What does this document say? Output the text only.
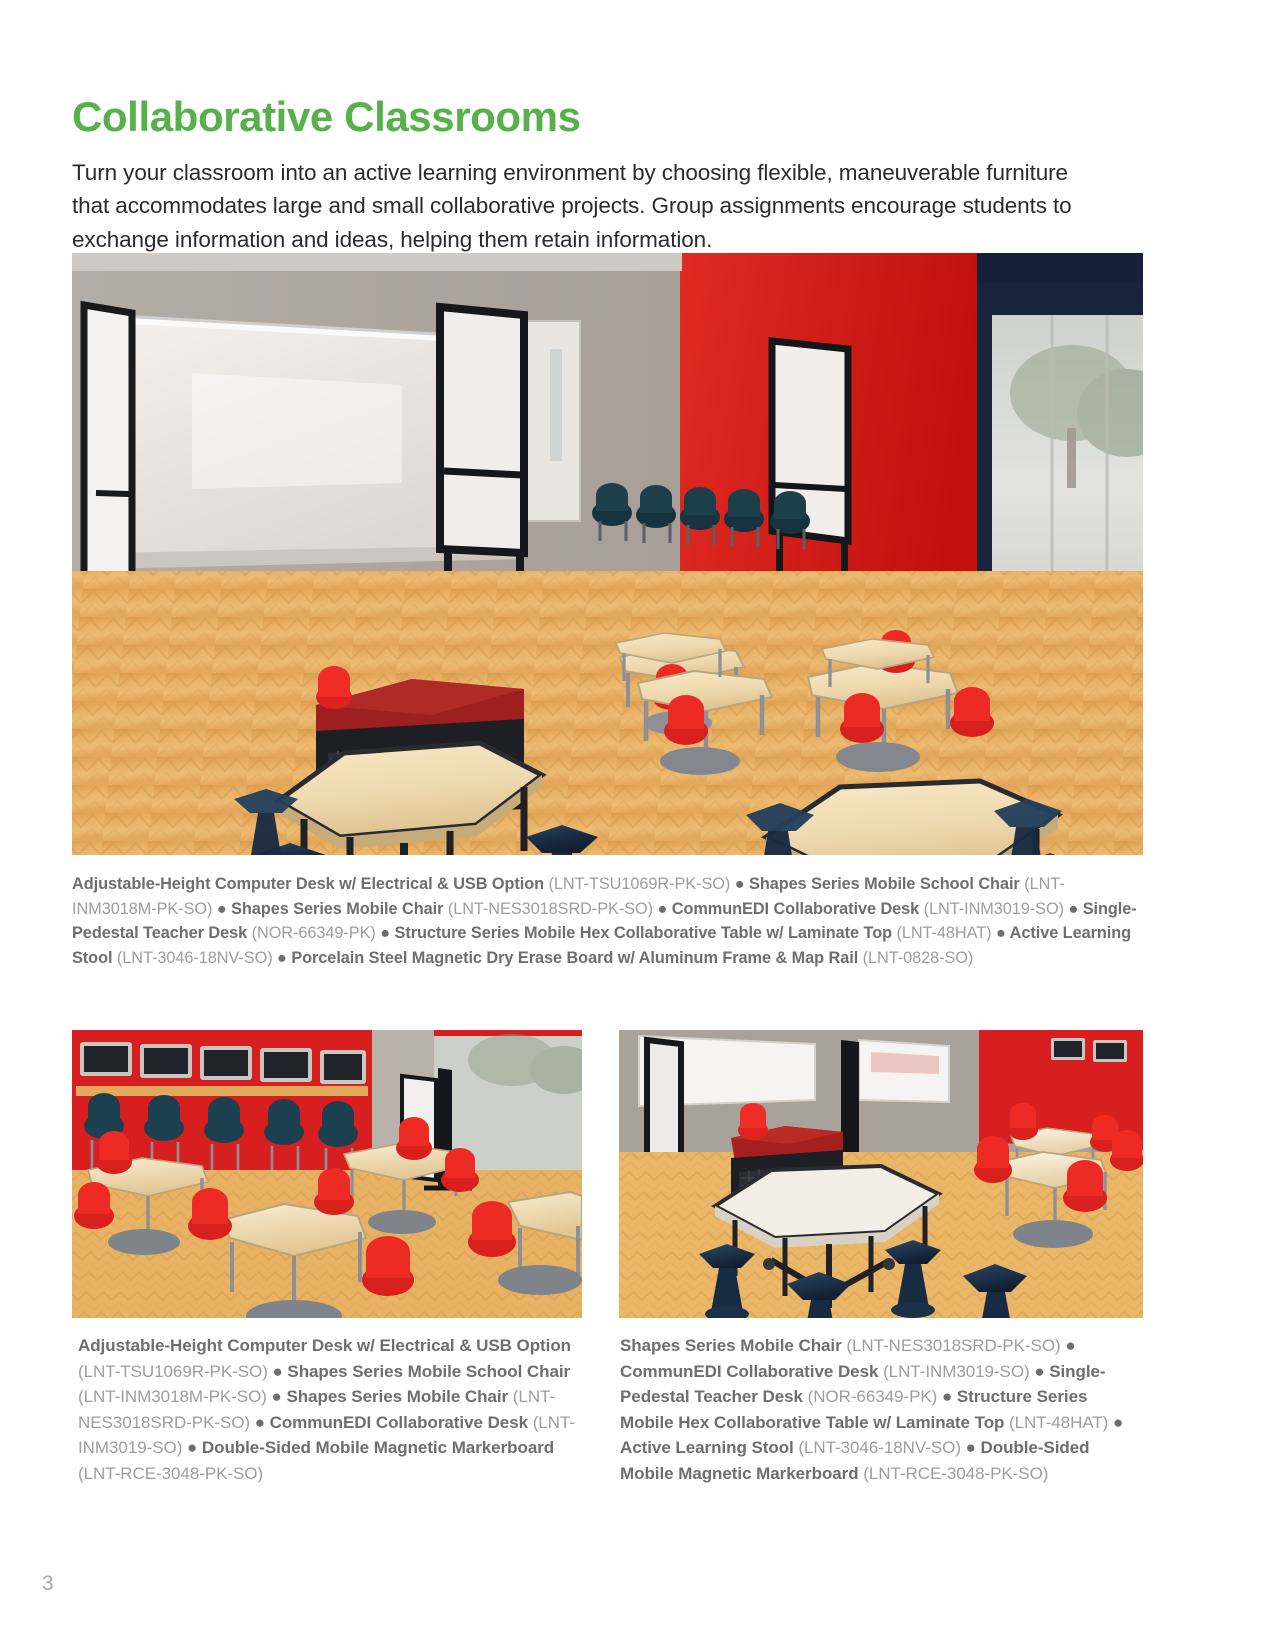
Collaborative Classrooms

Turn your classroom into an active learning environment by choosing flexible, maneuverable furniture that accommodates large and small collaborative projects. Group assignments encourage students to exchange information and ideas, helping them retain information.

Adjustable-Height Computer Desk w/ Electrical & USB Option (LNT-TSU1069R-PK-SO) ● Shapes Series Mobile School Chair (LNT-INM3018M-PK-SO) ● Shapes Series Mobile Chair (LNT-NES3018SRD-PK-SO) ● CommunEDI Collaborative Desk (LNT-INM3019-SO) ● Single-Pedestal Teacher Desk (NOR-66349-PK) ● Structure Series Mobile Hex Collaborative Table w/ Laminate Top (LNT-48HAT) ● Active Learning Stool (LNT-3046-18NV-SO) ● Porcelain Steel Magnetic Dry Erase Board w/ Aluminum Frame & Map Rail (LNT-0828-SO)
Adjustable-Height Computer Desk w/ Electrical & USB Option (LNT-TSU1069R-PK-SO) ● Shapes Series Mobile School Chair (LNT-INM3018M-PK-SO) ● Shapes Series Mobile Chair (LNT-NES3018SRD-PK-SO) ● CommunEDI Collaborative Desk (LNT-INM3019-SO) ● Double-Sided Mobile Magnetic Markerboard (LNT-RCE-3048-PK-SO)
Shapes Series Mobile Chair (LNT-NES3018SRD-PK-SO) ● CommunEDI Collaborative Desk (LNT-INM3019-SO) ● Single-Pedestal Teacher Desk (NOR-66349-PK) ● Structure Series Mobile Hex Collaborative Table w/ Laminate Top (LNT-48HAT) ● Active Learning Stool (LNT-3046-18NV-SO) ● Double-Sided Mobile Magnetic Markerboard (LNT-RCE-3048-PK-SO)
3
